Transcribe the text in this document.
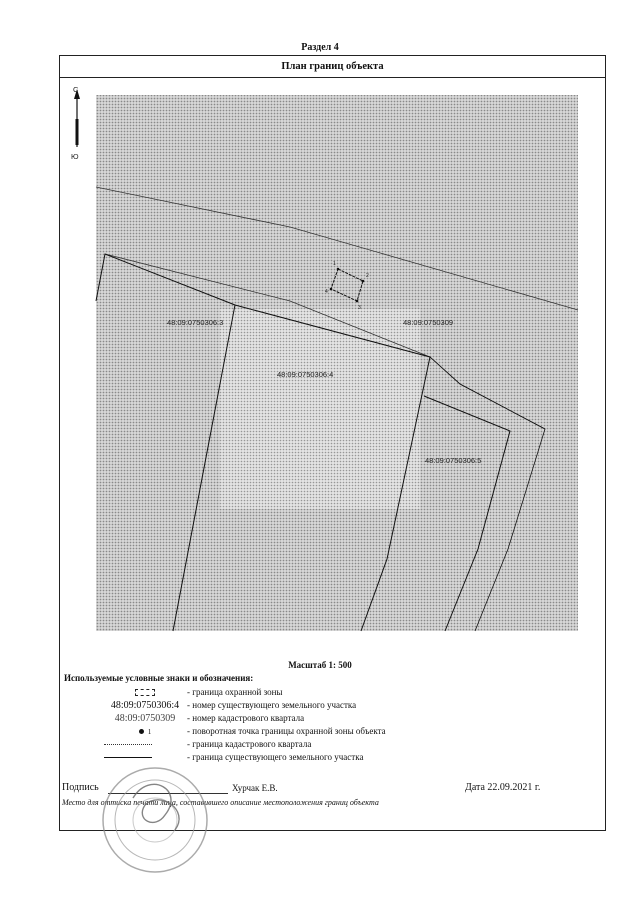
Раздел 4
План границ объекта
С
Ю
1
2
3
4
48:09:0750306:3
48:09:0750306:4
48:09:0750306:5
48:09:0750309
Масштаб 1: 500
Используемые условные знаки и обозначения:
- граница охранной зоны
48:09:0750306:4 - номер существующего земельного участка
48:09:0750309	- номер кадастрового квартала
1	- поворотная точка границы охранной зоны объекта
- граница кадастрового квартала
- граница существующего земельного участка
Подпись	Хурчак Е.В.	Дата 22.09.2021 г.
Место для оттиска печати лица, составившего описание местоположения границ объекта
